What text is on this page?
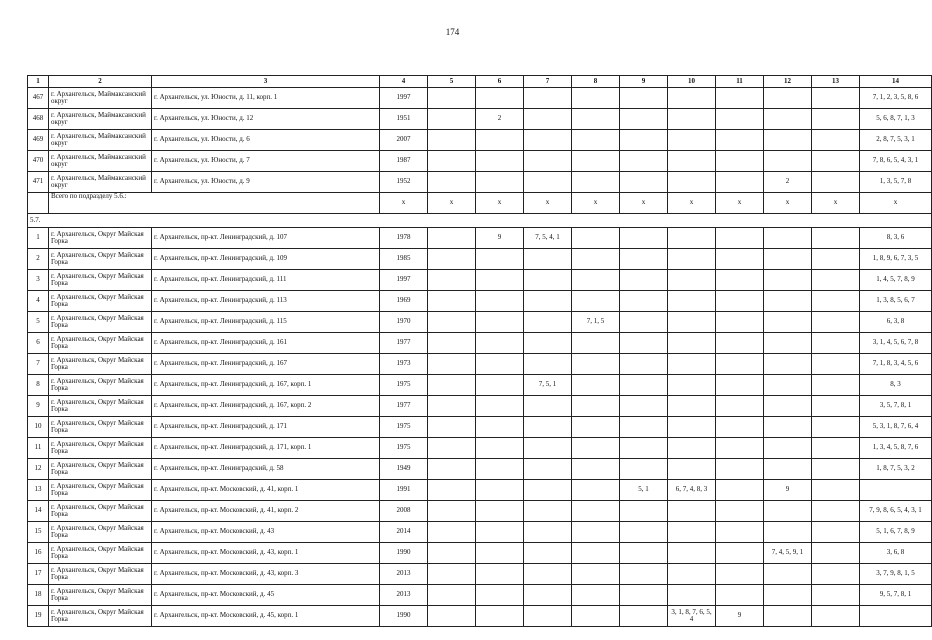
174
1	2	3	4	5	6	7	8	9	10	11	12	13	14
467	г. Архангельск, Маймаксанский округ	г. Архангельск, ул. Юности, д. 11, корп. 1	1997										7, 1, 2, 3, 5, 8, 6
468	г. Архангельск, Маймаксанский округ	г. Архангельск, ул. Юности, д. 12	1951		2								5, 6, 8, 7, 1, 3
469	г. Архангельск, Маймаксанский округ	г. Архангельск, ул. Юности, д. 6	2007										2, 8, 7, 5, 3, 1
470	г. Архангельск, Маймаксанский округ	г. Архангельск, ул. Юности, д. 7	1987										7, 8, 6, 5, 4, 3, 1
471	г. Архангельск, Маймаксанский округ	г. Архангельск, ул. Юности, д. 9	1952								2		1, 3, 5, 7, 8
	Всего по подразделу 5.6.:		x	x	x	x	x	x	x	x	x	x	x
5.7.													
1	г. Архангельск, Округ Майская Горка	г. Архангельск, пр-кт. Ленинградский, д. 107	1978		9	7, 5, 4, 1							8, 3, 6
2	г. Архангельск, Округ Майская Горка	г. Архангельск, пр-кт. Ленинградский, д. 109	1985										1, 8, 9, 6, 7, 3, 5
3	г. Архангельск, Округ Майская Горка	г. Архангельск, пр-кт. Ленинградский, д. 111	1997										1, 4, 5, 7, 8, 9
4	г. Архангельск, Округ Майская Горка	г. Архангельск, пр-кт. Ленинградский, д. 113	1969										1, 3, 8, 5, 6, 7
5	г. Архангельск, Округ Майская Горка	г. Архангельск, пр-кт. Ленинградский, д. 115	1970				7, 1, 5						6, 3, 8
6	г. Архангельск, Округ Майская Горка	г. Архангельск, пр-кт. Ленинградский, д. 161	1977										3, 1, 4, 5, 6, 7, 8
7	г. Архангельск, Округ Майская Горка	г. Архангельск, пр-кт. Ленинградский, д. 167	1973										7, 1, 8, 3, 4, 5, 6
8	г. Архангельск, Округ Майская Горка	г. Архангельск, пр-кт. Ленинградский, д. 167, корп. 1	1975			7, 5, 1							8, 3
9	г. Архангельск, Округ Майская Горка	г. Архангельск, пр-кт. Ленинградский, д. 167, корп. 2	1977										3, 5, 7, 8, 1
10	г. Архангельск, Округ Майская Горка	г. Архангельск, пр-кт. Ленинградский, д. 171	1975										5, 3, 1, 8, 7, 6, 4
11	г. Архангельск, Округ Майская Горка	г. Архангельск, пр-кт. Ленинградский, д. 171, корп. 1	1975										1, 3, 4, 5, 8, 7, 6
12	г. Архангельск, Округ Майская Горка	г. Архангельск, пр-кт. Ленинградский, д. 58	1949										1, 8, 7, 5, 3, 2
13	г. Архангельск, Округ Майская Горка	г. Архангельск, пр-кт. Московский, д. 41, корп. 1	1991					5, 1	6, 7, 4, 8, 3		9		
14	г. Архангельск, Округ Майская Горка	г. Архангельск, пр-кт. Московский, д. 41, корп. 2	2008										7, 9, 8, 6, 5, 4, 3, 1
15	г. Архангельск, Округ Майская Горка	г. Архангельск, пр-кт. Московский, д. 43	2014										5, 1, 6, 7, 8, 9
16	г. Архангельск, Округ Майская Горка	г. Архангельск, пр-кт. Московский, д. 43, корп. 1	1990								7, 4, 5, 9, 1		3, 6, 8
17	г. Архангельск, Округ Майская Горка	г. Архангельск, пр-кт. Московский, д. 43, корп. 3	2013										3, 7, 9, 8, 1, 5
18	г. Архангельск, Округ Майская Горка	г. Архангельск, пр-кт. Московский, д. 45	2013										9, 5, 7, 8, 1
19	г. Архангельск, Округ Майская Горка	г. Архангельск, пр-кт. Московский, д. 45, корп. 1	1990						3, 1, 8, 7, 6, 5, 4	9			
